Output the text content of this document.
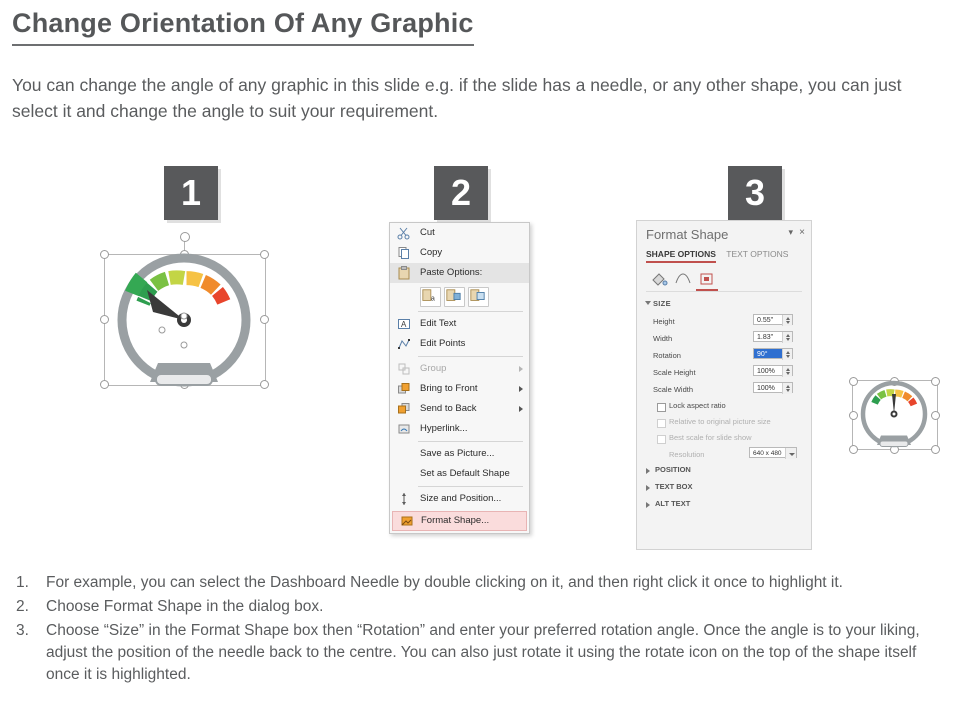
Change Orientation Of Any Graphic
You can change the angle of any graphic in this slide e.g. if the slide has a needle, or any other shape, you can just select it and change the angle to suit your requirement.
1	2	3
Cut
Copy
Paste Options:
a
A Edit Text
Edit Points
Group
Bring to Front
Send to Back
Hyperlink...
Save as Picture...
Set as Default Shape
Size and Position...
Format Shape...
Format Shape	▾ ×
SHAPE OPTIONS TEXT OPTIONS
SIZE
Height	0.55"
Width	1.83"
Rotation	90°
Scale Height	100%
Scale Width	100%
Lock aspect ratio
Relative to original picture size
Best scale for slide show
Resolution	640 x 480
POSITION
TEXT BOX
ALT TEXT
1. For example, you can select the Dashboard Needle by double clicking on it, and then right click it once to highlight it.
2. Choose Format Shape in the dialog box.
3. Choose “Size” in the Format Shape box then “Rotation” and enter your preferred rotation angle. Once the angle is to your liking, adjust the position of the needle back to the centre. You can also just rotate it using the rotate icon on the top of the shape itself once it is highlighted.
